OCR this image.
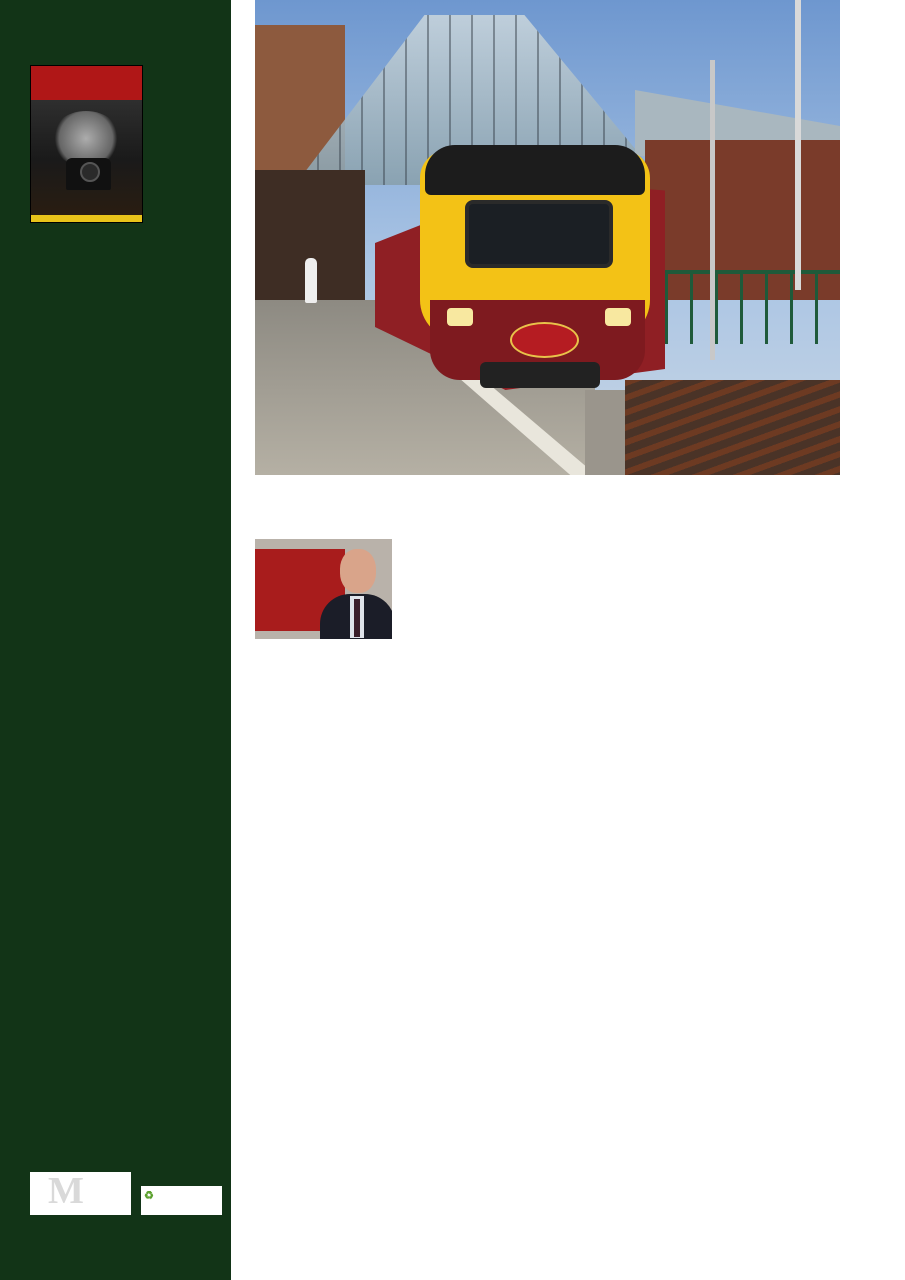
M	♻
